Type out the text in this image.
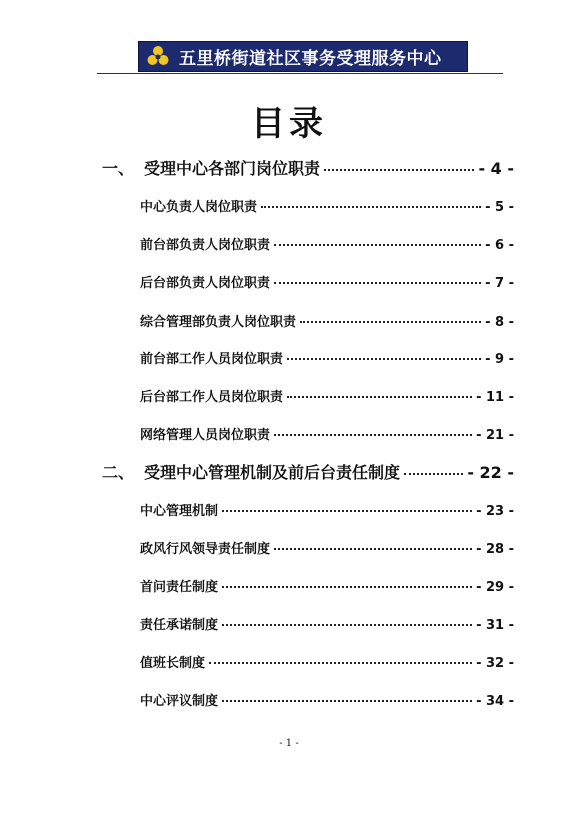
五里桥街道社区事务受理服务中心
目录
一、 受理中心各部门岗位职责	- 4 -
中心负责人岗位职责	- 5 -
前台部负责人岗位职责	- 6 -
后台部负责人岗位职责	- 7 -
综合管理部负责人岗位职责	- 8 -
前台部工作人员岗位职责	- 9 -
后台部工作人员岗位职责	- 11 -
网络管理人员岗位职责	- 21 -
二、 受理中心管理机制及前后台责任制度	- 22 -
中心管理机制	- 23 -
政风行风领导责任制度	- 28 -
首问责任制度	- 29 -
责任承诺制度	- 31 -
值班长制度	- 32 -
中心评议制度	- 34 -
- 1 -
